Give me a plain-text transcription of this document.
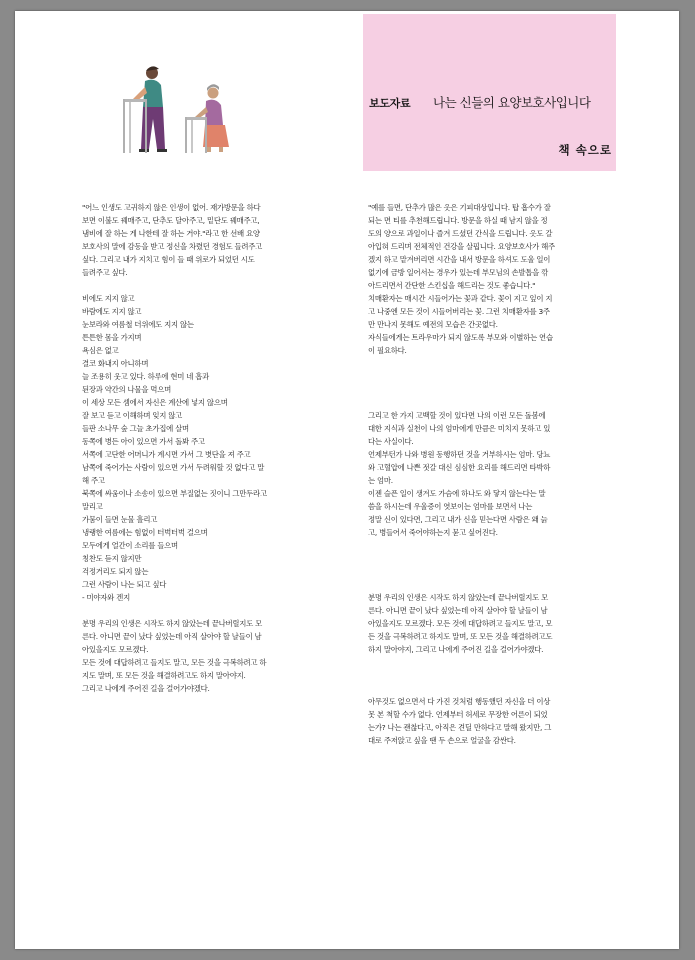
보도자료 나는 신들의 요양보호사입니다
책 속으로
"어느 인생도 고귀하지 않은 인생이 없어. 재가방문을 하다
보면 이불도 꿰매주고, 단추도 달아주고, 밑단도 꿰매주고,
냄비에 잘 하는 게 나한테 잘 하는 거야."라고 한 선배 요양
보호사의 말에 감동을 받고 정신을 차렸던 경험도 들려주고
싶다. 그리고 내가 지치고 힘이 들 때 위로가 되었던 시도
들려주고 싶다.
비에도 지지 않고
바람에도 지지 않고
눈보라와 여름철 더위에도 지지 않는
튼튼한 몸을 가지며
욕심은 없고
결코 화내지 아니하며
늘 조용히 웃고 있다. 하루에 현미 네 홉과
된장과 약간의 나물을 먹으며
이 세상 모든 셈에서 자신은 계산에 넣지 않으며
잘 보고 듣고 이해하며 잊지 않고
들판 소나무 숲 그늘 초가집에 살며
동쪽에 병든 아이 있으면 가서 돌봐 주고
서쪽에 고단한 어머니가 계시면 가서 그 볏단을 져 주고
남쪽에 죽어가는 사람이 있으면 가서 두려워할 것 없다고 말
해 주고
북쪽에 싸움이나 소송이 있으면 부질없는 짓이니 그만두라고
말리고
가뭄이 들면 눈물 흘리고
냉랭한 여름에는 힘없이 터벅터벅 걸으며
모두에게 얼간이 소리를 들으며
칭찬도 듣지 않지만
걱정거리도 되지 않는
그런 사람이 나는 되고 싶다
- 미야자와 겐지
분명 우리의 인생은 시작도 하지 않았는데 끝나버릴지도 모
른다. 아니면 끝이 났다 싶었는데 아직 살아야 할 날들이 남
아있을지도 모르겠다.
모든 것에 대답하려고 들지도 말고, 모든 것을 극복하려고 하
지도 말며, 또 모든 것을 해결하려고도 하지 말아야지.
그리고 나에게 주어진 길을 걸어가야겠다.
"예를 들면, 단추가 많은 옷은 기피대상입니다. 탑 흡수가 잘
되는 면 티를 추천해드립니다. 방문을 하실 때 남지 않을 정
도의 양으로 과일이나 즐겨 드셨던 간식을 드립니다. 옷도 갈
아입혀 드리며 전체적인 건강을 살핍니다. 요양보호사가 해주
겠지 하고 맡겨버리면 시간을 내서 방문을 하셔도 도울 일이
없기에 금방 일어서는 경우가 있는데 부모님의 손발톱을 깎
아드리면서 간단한 스킨십을 해드리는 것도 좋습니다."
치매환자는 매시간 시들어가는 꽃과 같다. 꽃이 지고 잎이 지
고 나중엔 모든 것이 시들어버리는 꽃. 그런 치매환자를 3주
만 만나지 못해도 예전의 모습은 간곳없다.
자식들에게는 트라우마가 되지 않도록 부모와 이별하는 연습
이 필요하다.
그리고 한 가지 고백할 것이 있다면 나의 이런 모든 돌봄에
대한 지식과 실천이 나의 엄마에게 만큼은 미치지 못하고 있
다는 사실이다.
언제부턴가 나와 병원 동행하던 것을 거부하시는 엄마. 당뇨
와 고혈압에 나쁜 젓갈 대신 심심한 요리를 해드리면 타박하
는 엄마.
이젠 슬픈 일이 생겨도 가슴에 하나도 와 닿지 않는다는 말
씀을 하시는데 우울증이 엿보이는 엄마를 보면서 나는
정말 신이 있다면, 그리고 내가 신을 믿는다면 사람은 왜 늙
고, 병들어서 죽어야하는지 묻고 싶어진다.
분명 우리의 인생은 시작도 하지 않았는데 끝나버릴지도 모
른다. 아니면 끝이 났다 싶었는데 아직 살아야 할 날들이 남
아있을지도 모르겠다. 모든 것에 대답하려고 들지도 말고, 모
든 것을 극복하려고 하지도 말며, 또 모든 것을 해결하려고도
하지 말아야지, 그리고 나에게 주어진 길을 걸어가야겠다.
아무것도 없으면서 다 가진 것처럼 행동했던 자신을 더 이상
못 본 척할 수가 없다. 언제부터 허세로 무장한 어른이 되었
는가? 나는 괜찮다고, 아직은 견딜 만하다고 말해 왔지만, 그
대로 주저앉고 싶을 땐 두 손으로 얼굴을 감싼다.
